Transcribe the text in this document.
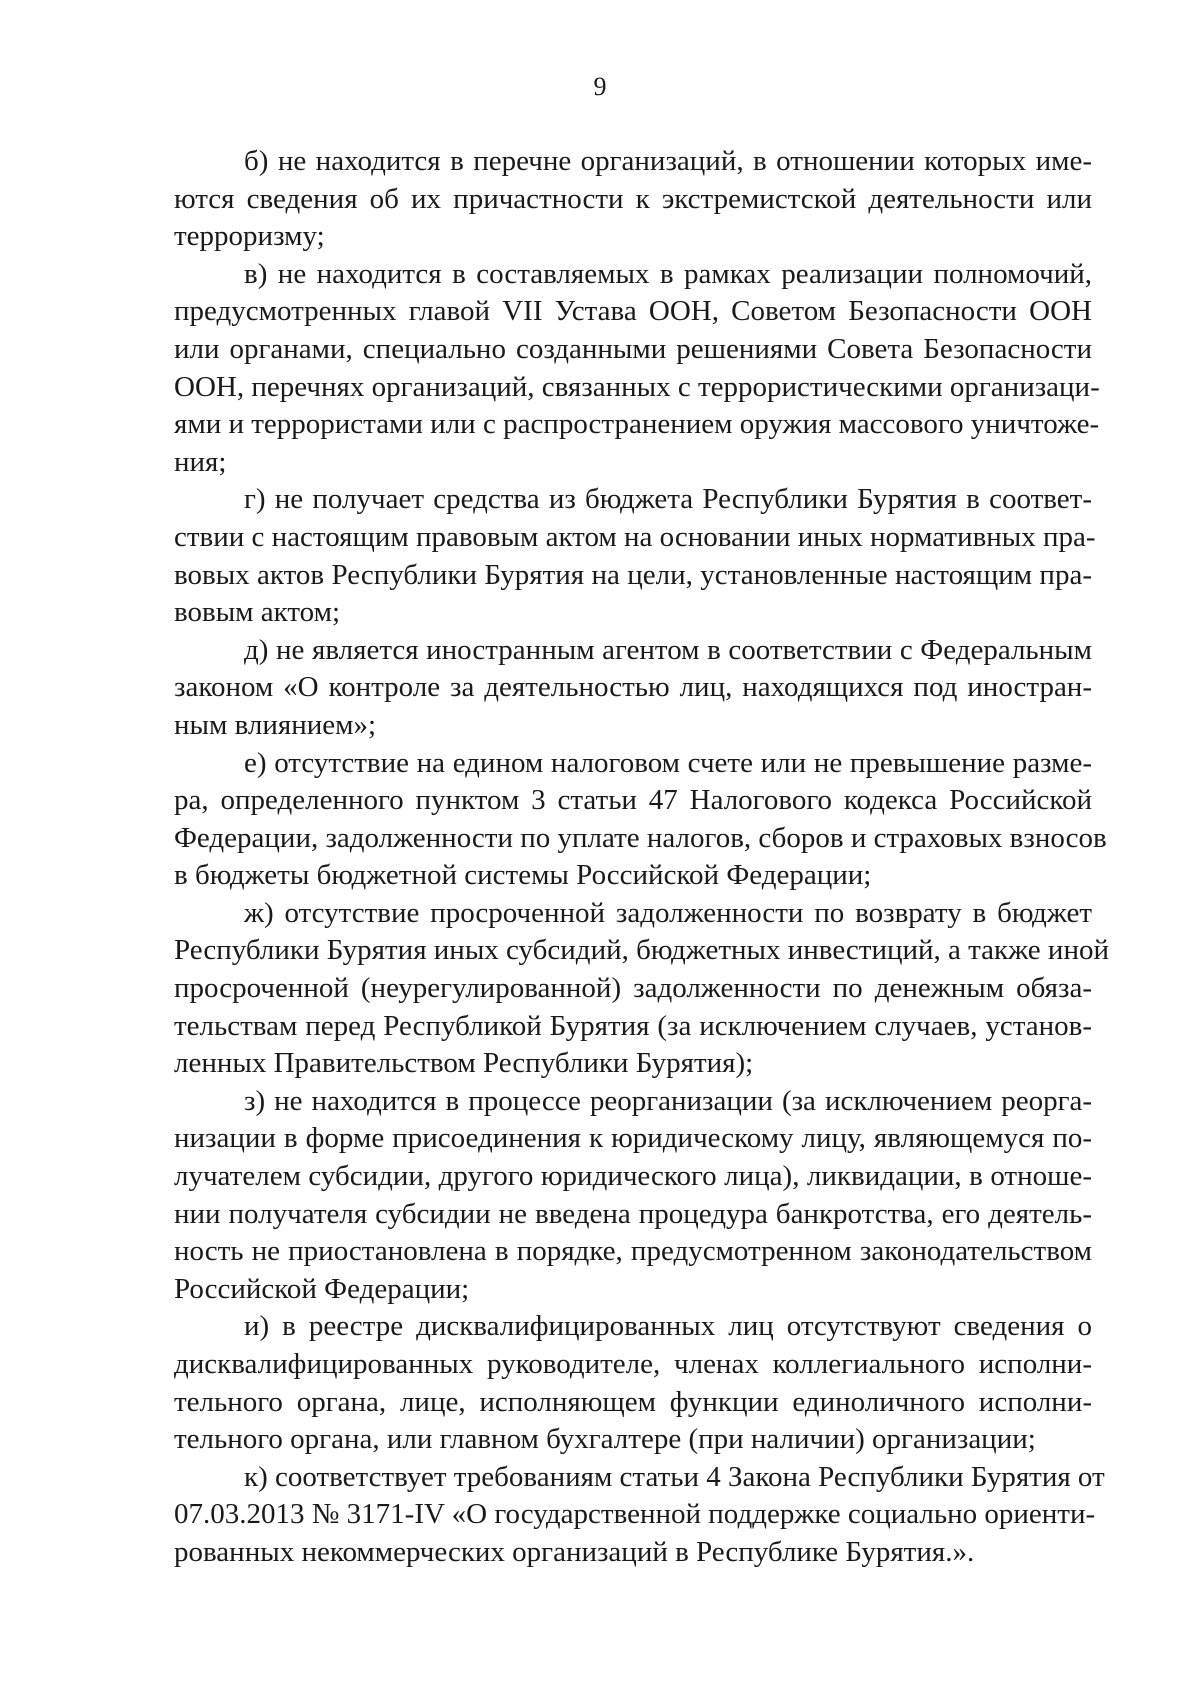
9

б) не находится в перечне организаций, в отношении которых име-
ются сведения об их причастности к экстремистской деятельности или
терроризму;

в) не находится в составляемых в рамках реализации полномочий,
предусмотренных главой VII Устава ООН, Советом Безопасности ООН
или органами, специально созданными решениями Совета Безопасности
ООН, перечнях организаций, связанных с террористическими организаци-
ями и террористами или с распространением оружия массового уничтоже-
ния;

г) не получает средства из бюджета Республики Бурятия в соответ-
ствии с настоящим правовым актом на основании иных нормативных пра-
вовых актов Республики Бурятия на цели, установленные настоящим пра-
вовым актом;

д) не является иностранным агентом в соответствии с Федеральным
законом «О контроле за деятельностью лиц, находящихся под иностран-
ным влиянием»;

е) отсутствие на едином налоговом счете или не превышение разме-
ра, определенного пунктом 3 статьи 47 Налогового кодекса Российской
Федерации, задолженности по уплате налогов, сборов и страховых взносов
в бюджеты бюджетной системы Российской Федерации;

ж) отсутствие просроченной задолженности по возврату в бюджет
Республики Бурятия иных субсидий, бюджетных инвестиций, а также иной
просроченной (неурегулированной) задолженности по денежным обяза-
тельствам перед Республикой Бурятия (за исключением случаев, установ-
ленных Правительством Республики Бурятия);

з) не находится в процессе реорганизации (за исключением реорга-
низации в форме присоединения к юридическому лицу, являющемуся по-
лучателем субсидии, другого юридического лица), ликвидации, в отноше-
нии получателя субсидии не введена процедура банкротства, его деятель-
ность не приостановлена в порядке, предусмотренном законодательством
Российской Федерации;

и) в реестре дисквалифицированных лиц отсутствуют сведения о
дисквалифицированных руководителе, членах коллегиального исполни-
тельного органа, лице, исполняющем функции единоличного исполни-
тельного органа, или главном бухгалтере (при наличии) организации;

к) соответствует требованиям статьи 4 Закона Республики Бурятия от
07.03.2013 № 3171-IV «О государственной поддержке социально ориенти-
рованных некоммерческих организаций в Республике Бурятия.».
